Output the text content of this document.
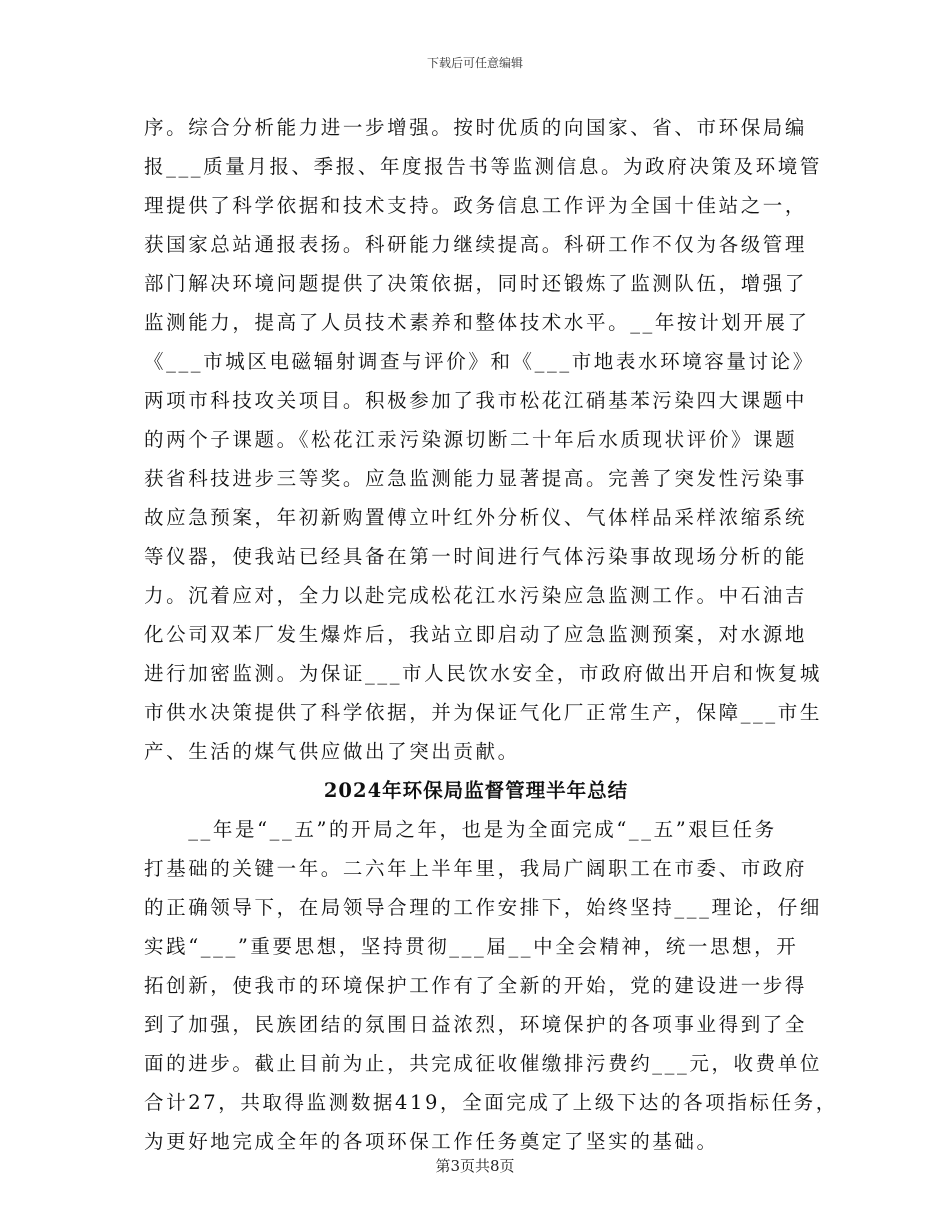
下载后可任意编辑
序。综合分析能力进一步增强。按时优质的向国家、省、市环保局编
报___质量月报、季报、年度报告书等监测信息。为政府决策及环境管
理提供了科学依据和技术支持。政务信息工作评为全国十佳站之一，
获国家总站通报表扬。科研能力继续提高。科研工作不仅为各级管理
部门解决环境问题提供了决策依据，同时还锻炼了监测队伍，增强了
监测能力，提高了人员技术素养和整体技术水平。__年按计划开展了
《___市城区电磁辐射调查与评价》和《___市地表水环境容量讨论》
两项市科技攻关项目。积极参加了我市松花江硝基苯污染四大课题中
的两个子课题。《松花江汞污染源切断二十年后水质现状评价》课题
获省科技进步三等奖。应急监测能力显著提高。完善了突发性污染事
故应急预案，年初新购置傅立叶红外分析仪、气体样品采样浓缩系统
等仪器，使我站已经具备在第一时间进行气体污染事故现场分析的能
力。沉着应对，全力以赴完成松花江水污染应急监测工作。中石油吉
化公司双苯厂发生爆炸后，我站立即启动了应急监测预案，对水源地
进行加密监测。为保证___市人民饮水安全，市政府做出开启和恢复城
市供水决策提供了科学依据，并为保证气化厂正常生产，保障___市生
产、生活的煤气供应做出了突出贡献。
2024年环保局监督管理半年总结
　　__年是“__五”的开局之年，也是为全面完成“__五”艰巨任务
打基础的关键一年。二六年上半年里，我局广阔职工在市委、市政府
的正确领导下，在局领导合理的工作安排下，始终坚持___理论，仔细
实践“___”重要思想，坚持贯彻___届__中全会精神，统一思想，开
拓创新，使我市的环境保护工作有了全新的开始，党的建设进一步得
到了加强，民族团结的氛围日益浓烈，环境保护的各项事业得到了全
面的进步。截止目前为止，共完成征收催缴排污费约___元，收费单位
合计27，共取得监测数据419，全面完成了上级下达的各项指标任务，
为更好地完成全年的各项环保工作任务奠定了坚实的基础。
第3页共8页
